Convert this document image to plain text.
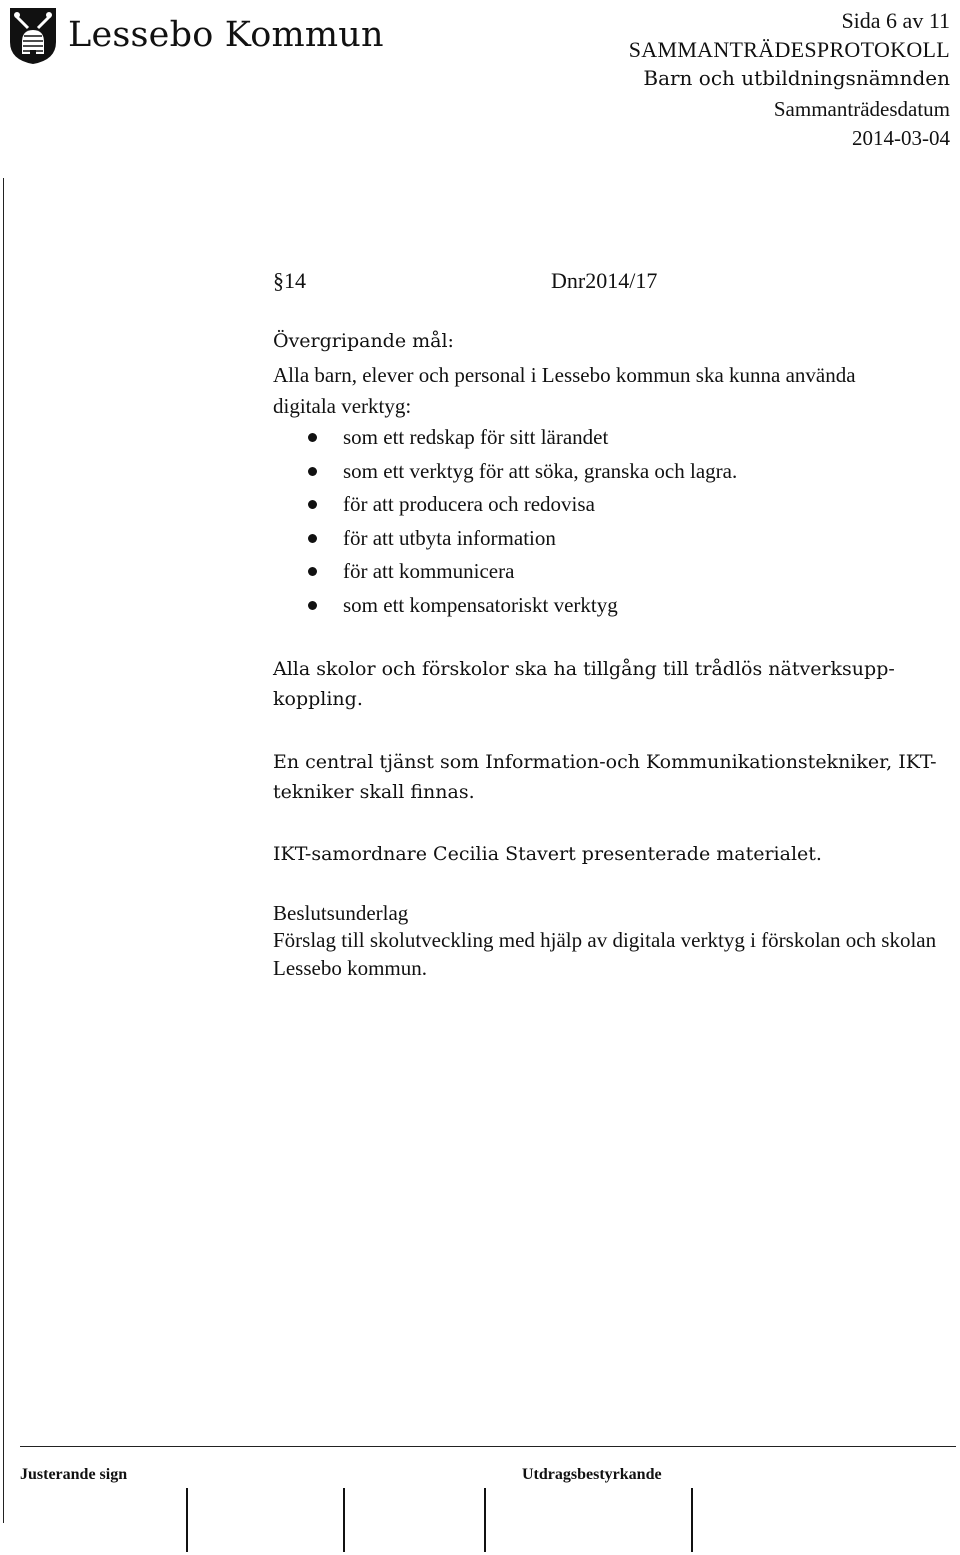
Lessebo Kommun	Sida 6 av 11
SAMMANTRÄDESPROTOKOLL
Barn och utbildningsnämnden
Sammanträdesdatum
2014-03-04
§14	Dnr2014/17
Övergripande mål:
Alla barn, elever och personal i Lessebo kommun ska kunna använda digitala verktyg:
som ett redskap för sitt lärandet
som ett verktyg för att söka, granska och lagra.
för att producera och redovisa
för att utbyta information
för att kommunicera
som ett kompensatoriskt verktyg
Alla skolor och förskolor ska ha tillgång till trådlös nätverksupp-koppling.
En central tjänst som Information-och Kommunikationstekniker, IKT- tekniker skall finnas.
IKT-samordnare Cecilia Stavert presenterade materialet.
Beslutsunderlag
Förslag till skolutveckling med hjälp av digitala verktyg i förskolan och skolan Lessebo kommun.
Justerande sign	Utdragsbestyrkande
